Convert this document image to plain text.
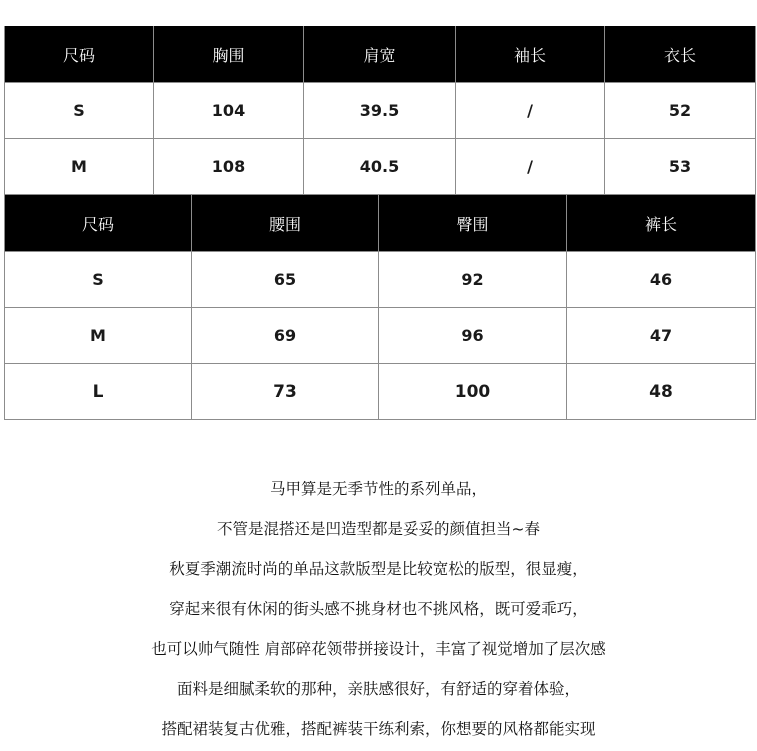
尺码	胸围	肩宽	袖长	衣长
S	104	39.5	/	52
M	108	40.5	/	53
尺码	腰围	臀围	裤长
S	65	92	46
M	69	96	47
L	73	100	48

马甲算是无季节性的系列单品，

不管是混搭还是凹造型都是妥妥的颜值担当~春

秋夏季潮流时尚的单品这款版型是比较宽松的版型，很显瘦，

穿起来很有休闲的街头感不挑身材也不挑风格，既可爱乖巧，

也可以帅气随性 肩部碎花领带拼接设计，丰富了视觉增加了层次感

面料是细腻柔软的那种，亲肤感很好，有舒适的穿着体验，

搭配裙装复古优雅，搭配裤装干练利索，你想要的风格都能实现
